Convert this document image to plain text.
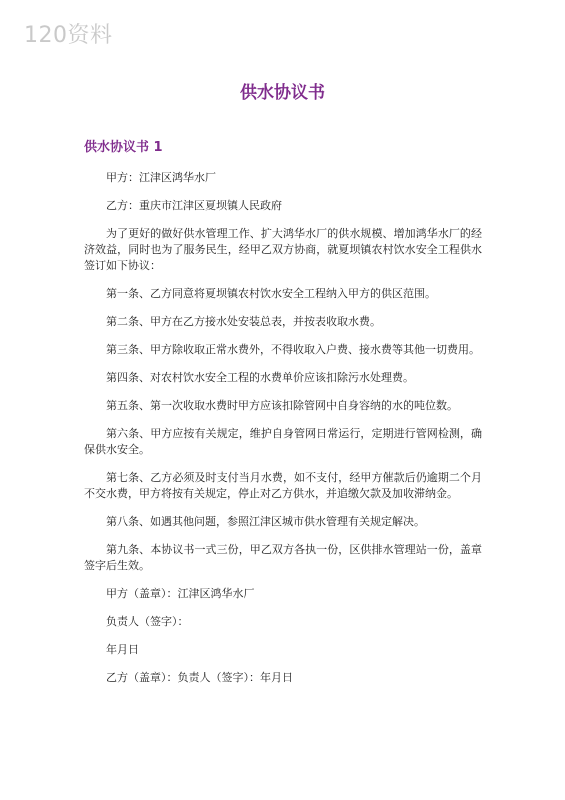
120资料
供水协议书
供水协议书 1

甲方：江津区鸿华水厂

乙方：重庆市江津区夏坝镇人民政府

为了更好的做好供水管理工作、扩大鸿华水厂的供水规模、增加鸿华水厂的经济效益，同时也为了服务民生，经甲乙双方协商，就夏坝镇农村饮水安全工程供水签订如下协议：

第一条、乙方同意将夏坝镇农村饮水安全工程纳入甲方的供区范围。

第二条、甲方在乙方接水处安装总表，并按表收取水费。

第三条、甲方除收取正常水费外，不得收取入户费、接水费等其他一切费用。

第四条、对农村饮水安全工程的水费单价应该扣除污水处理费。

第五条、第一次收取水费时甲方应该扣除管网中自身容纳的水的吨位数。

第六条、甲方应按有关规定，维护自身管网日常运行，定期进行管网检测，确保供水安全。

第七条、乙方必须及时支付当月水费，如不支付，经甲方催款后仍逾期二个月不交水费，甲方将按有关规定，停止对乙方供水，并追缴欠款及加收滞纳金。

第八条、如遇其他问题，参照江津区城市供水管理有关规定解决。

第九条、本协议书一式三份，甲乙双方各执一份，区供排水管理站一份，盖章签字后生效。

甲方（盖章）：江津区鸿华水厂

负责人（签字）：

年月日

乙方（盖章）：负责人（签字）：年月日
